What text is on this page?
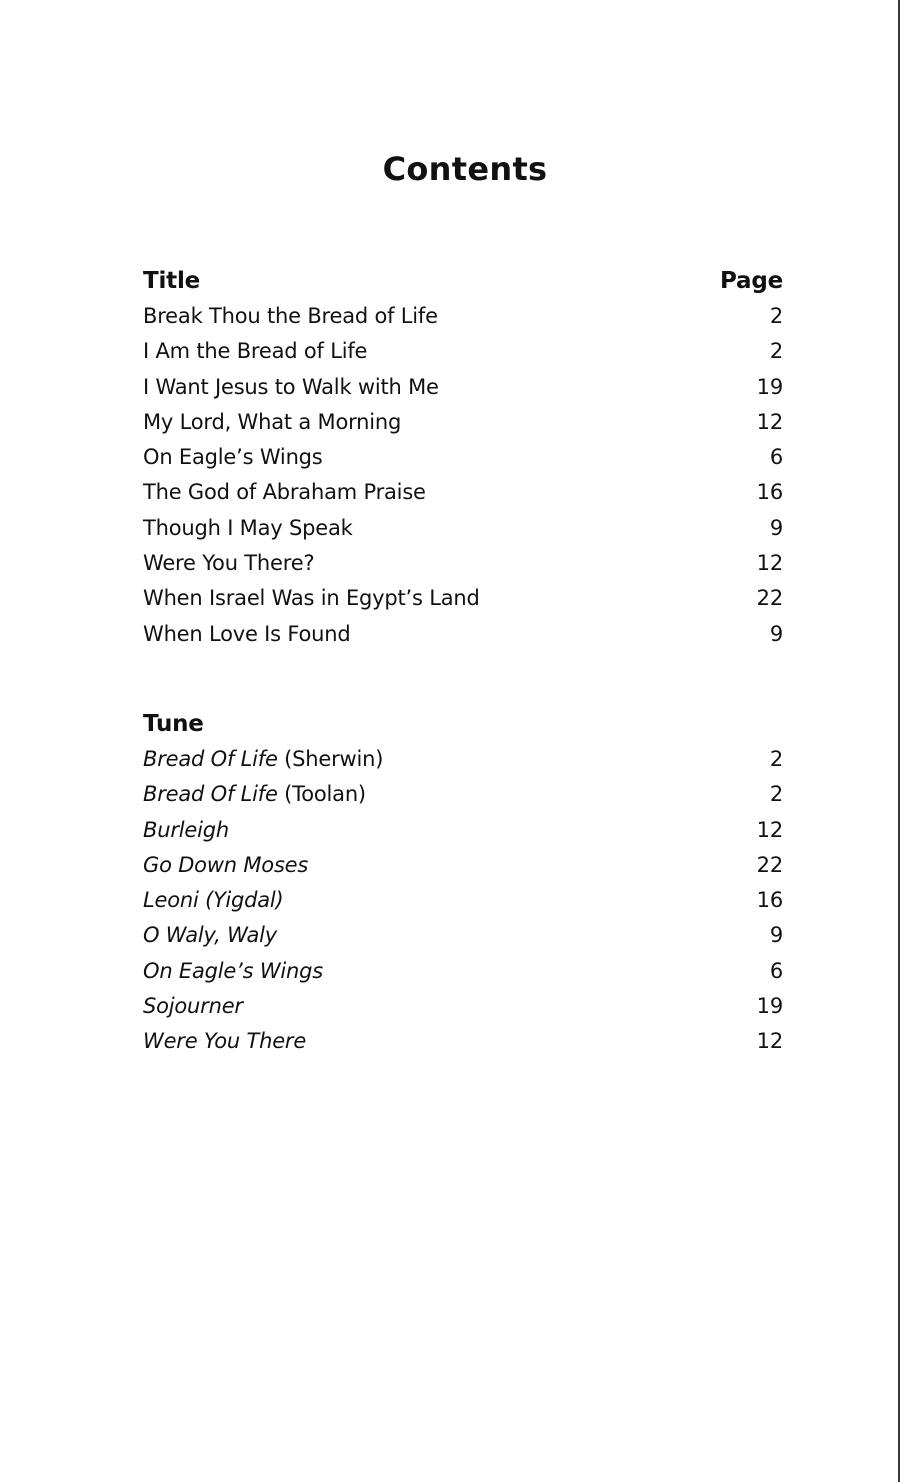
Contents
Title	Page
Break Thou the Bread of Life	2
I Am the Bread of Life	2
I Want Jesus to Walk with Me	19
My Lord, What a Morning	12
On Eagle’s Wings	6
The God of Abraham Praise	16
Though I May Speak	9
Were You There?	12
When Israel Was in Egypt’s Land	22
When Love Is Found	9
Tune
Bread Of Life (Sherwin)	2
Bread Of Life (Toolan)	2
Burleigh	12
Go Down Moses	22
Leoni (Yigdal)	16
O Waly, Waly	9
On Eagle’s Wings	6
Sojourner	19
Were You There	12
